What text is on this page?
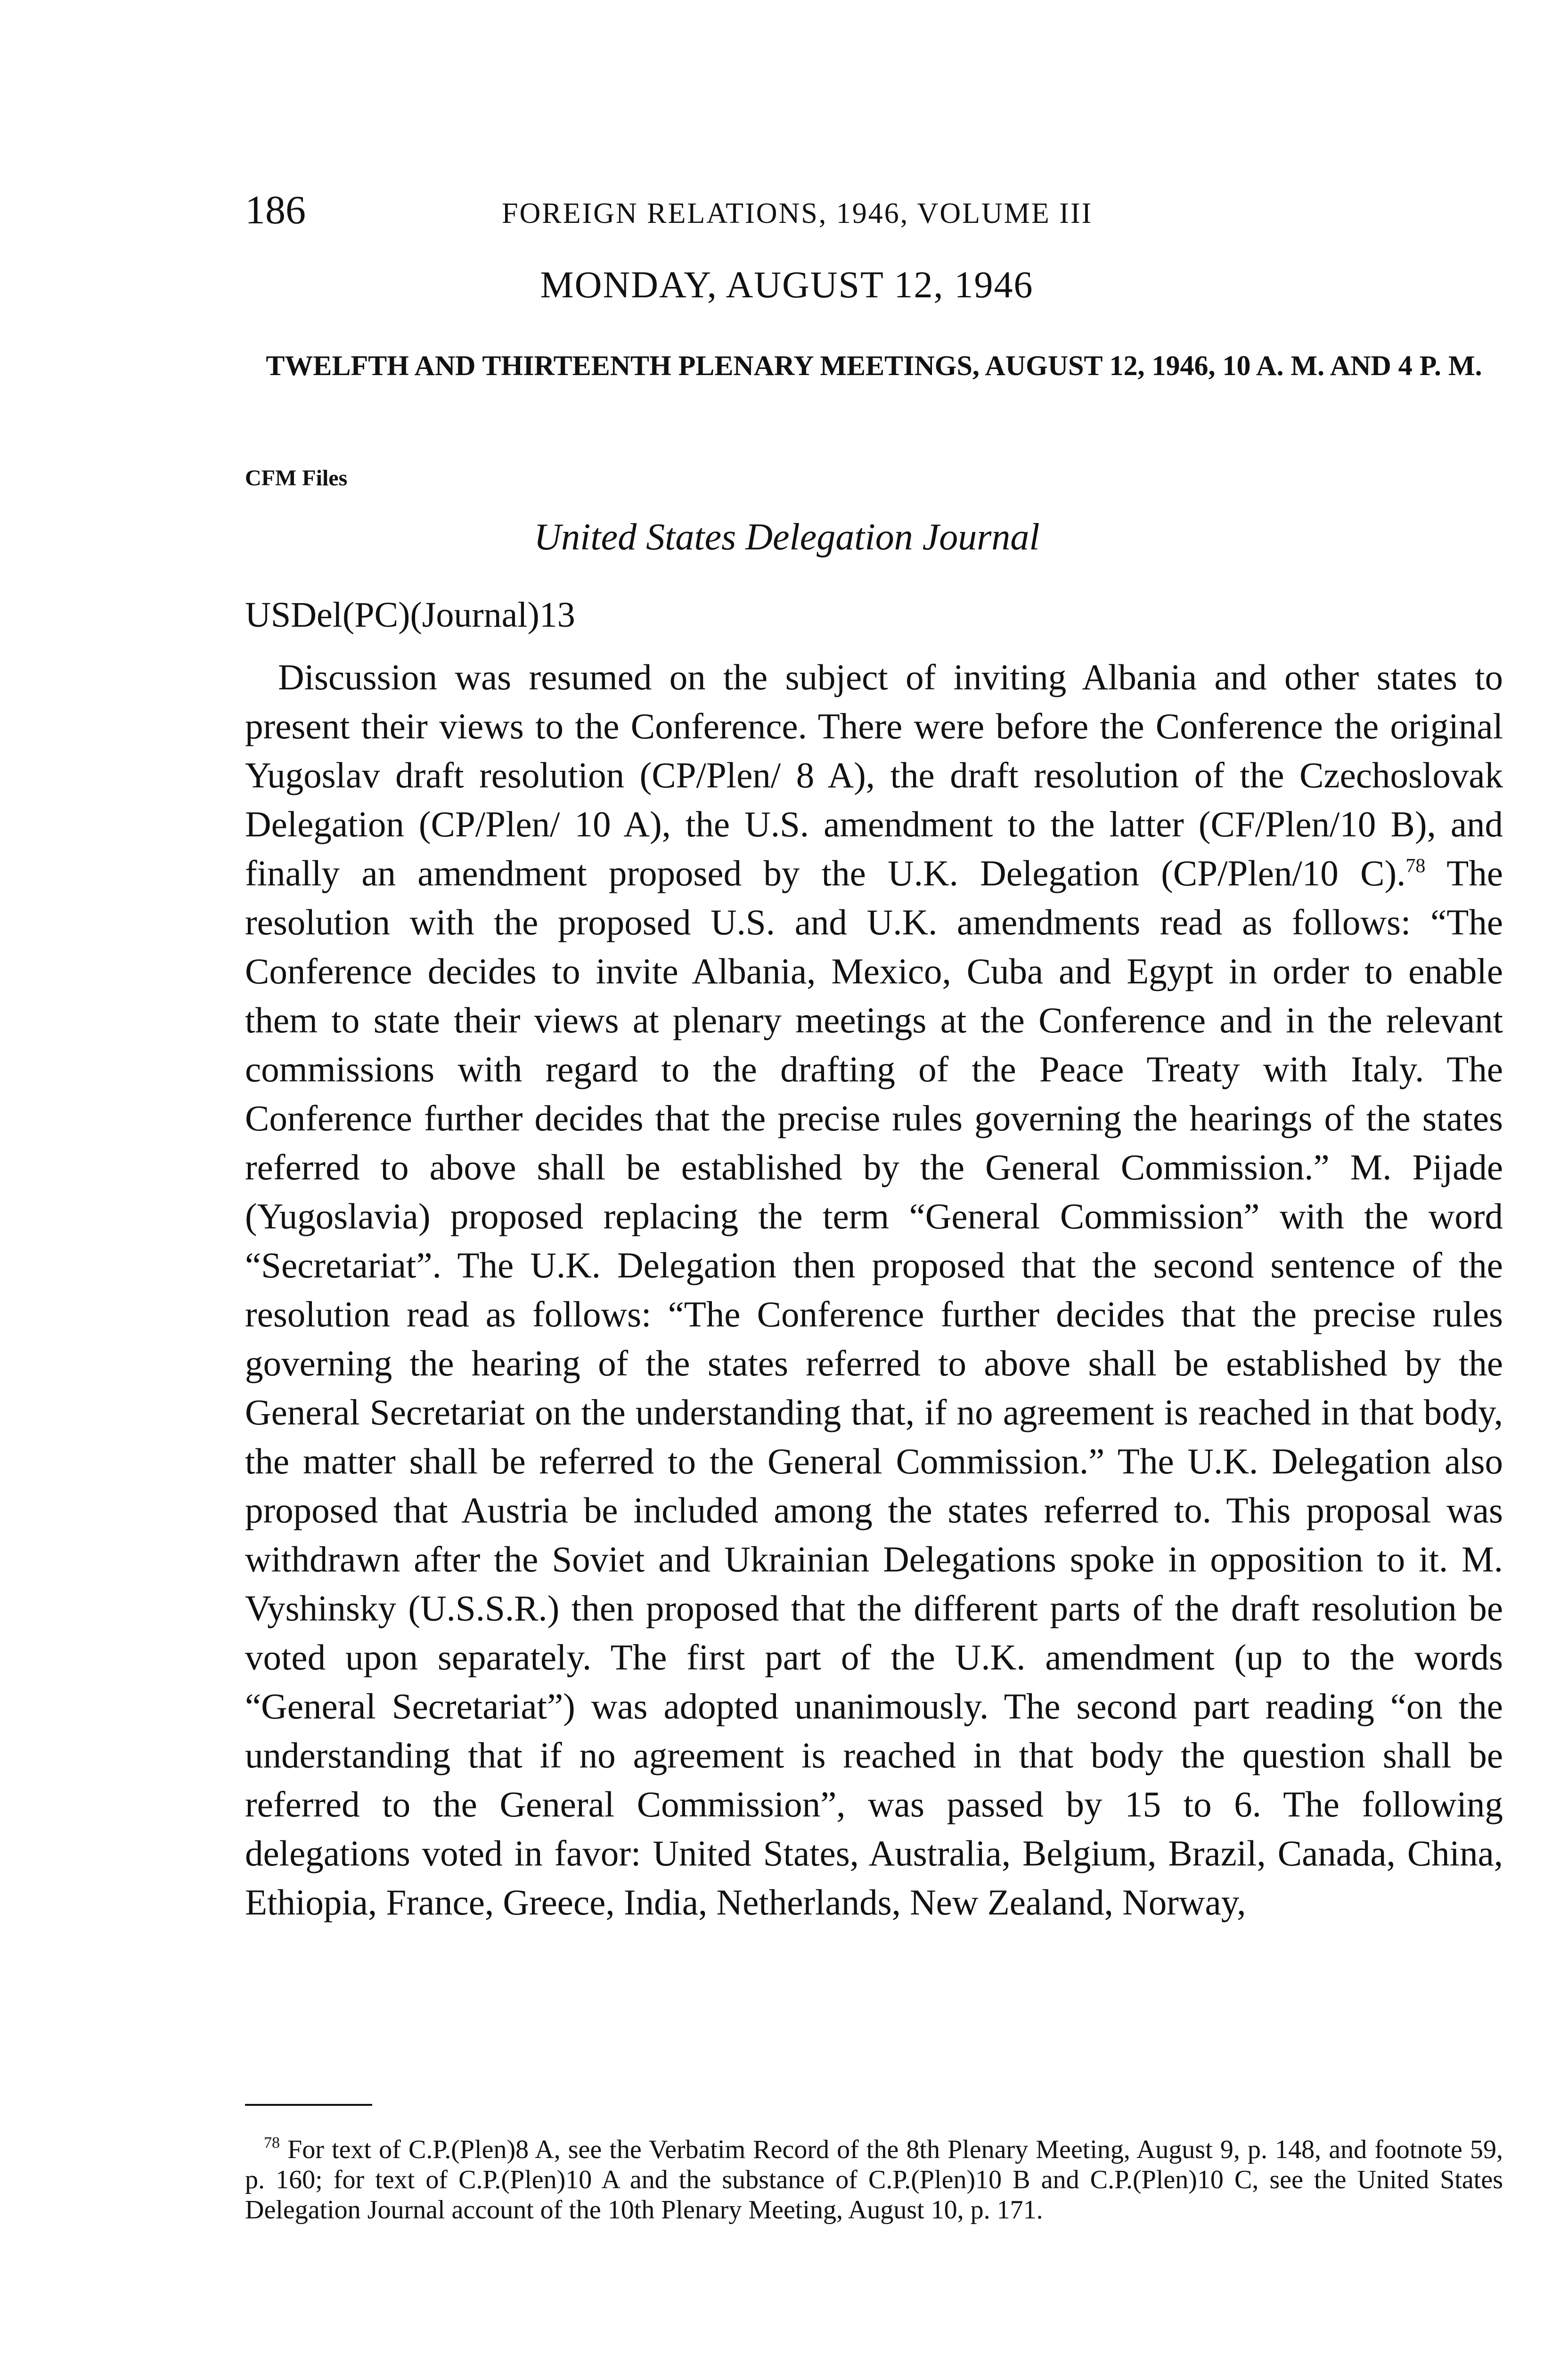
186	FOREIGN RELATIONS, 1946, VOLUME III
MONDAY, AUGUST 12, 1946
TWELFTH AND THIRTEENTH PLENARY MEETINGS, AUGUST 12, 1946, 10 A. M. AND 4 P. M.
CFM Files
United States Delegation Journal
USDel(PC)(Journal)13

Discussion was resumed on the subject of inviting Albania and other states to present their views to the Conference. There were before the Conference the original Yugoslav draft resolution (CP/Plen/ 8 A), the draft resolution of the Czechoslovak Delegation (CP/Plen/ 10 A), the U.S. amendment to the latter (CF/Plen/10 B), and finally an amendment proposed by the U.K. Delegation (CP/Plen/10 C).$^{78}$ The resolution with the proposed U.S. and U.K. amendments read as follows: “The Conference decides to invite Albania, Mexico, Cuba and Egypt in order to enable them to state their views at plenary meetings at the Conference and in the relevant commissions with regard to the drafting of the Peace Treaty with Italy. The Conference further decides that the precise rules governing the hearings of the states referred to above shall be established by the General Commission.” M. Pijade (Yugoslavia) proposed replacing the term “General Commission” with the word “Secretariat”. The U.K. Delegation then proposed that the second sentence of the resolution read as follows: “The Conference further decides that the precise rules governing the hearing of the states referred to above shall be established by the General Secretariat on the understanding that, if no agreement is reached in that body, the matter shall be referred to the General Commission.” The U.K. Delegation also proposed that Austria be included among the states referred to. This proposal was withdrawn after the Soviet and Ukrainian Delegations spoke in opposition to it. M. Vyshinsky (U.S.S.R.) then proposed that the different parts of the draft resolution be voted upon separately. The first part of the U.K. amendment (up to the words “General Secretariat”) was adopted unanimously. The second part reading “on the understanding that if no agreement is reached in that body the question shall be referred to the General Commission”, was passed by 15 to 6. The following delegations voted in favor: United States, Australia, Belgium, Brazil, Canada, China, Ethiopia, France, Greece, India, Netherlands, New Zealand, Norway,

$^{78}$ For text of C.P.(Plen)8 A, see the Verbatim Record of the 8th Plenary Meeting, August 9, p. 148, and footnote 59, p. 160; for text of C.P.(Plen)10 A and the substance of C.P.(Plen)10 B and C.P.(Plen)10 C, see the United States Delegation Journal account of the 10th Plenary Meeting, August 10, p. 171.
